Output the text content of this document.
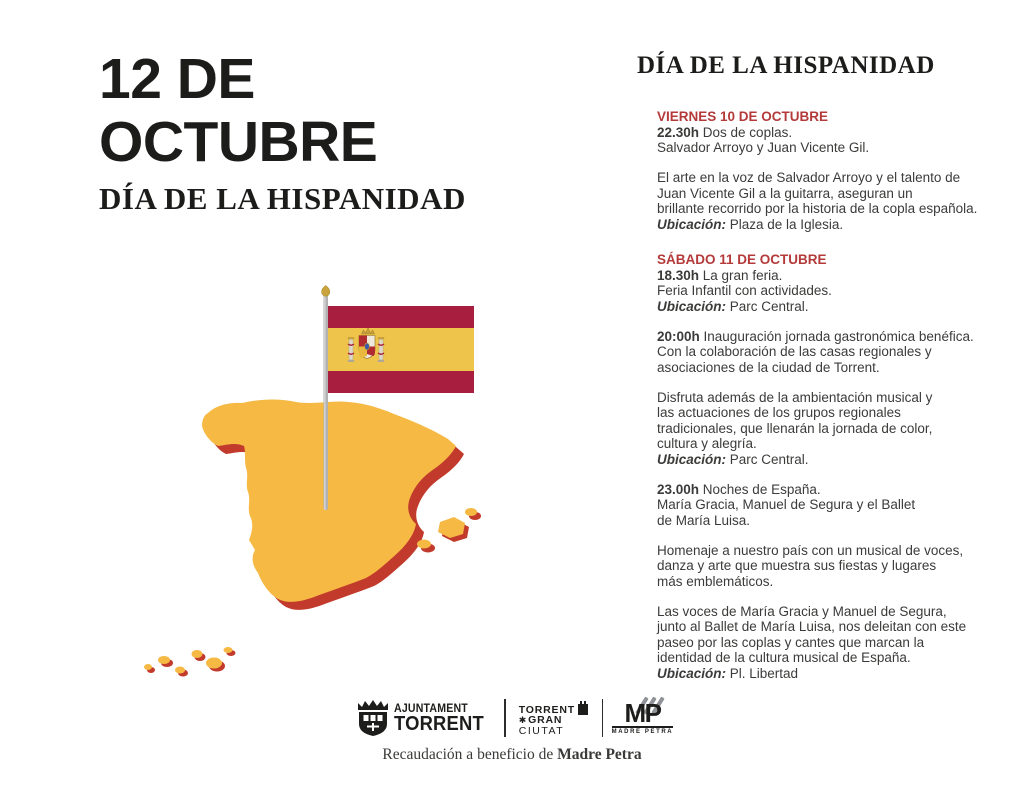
12 DE
OCTUBRE
DÍA DE LA HISPANIDAD
DÍA DE LA HISPANIDAD
VIERNES 10 DE OCTUBRE
22.30h Dos de coplas.
Salvador Arroyo y Juan Vicente Gil.
El arte en la voz de Salvador Arroyo y el talento de
Juan Vicente Gil a la guitarra, aseguran un
brillante recorrido por la historia de la copla española.
Ubicación: Plaza de la Iglesia.
SÁBADO 11 DE OCTUBRE
18.30h La gran feria.
Feria Infantil con actividades.
Ubicación: Parc Central.
20:00h Inauguración jornada gastronómica benéfica.
Con la colaboración de las casas regionales y
asociaciones de la ciudad de Torrent.
Disfruta además de la ambientación musical y
las actuaciones de los grupos regionales
tradicionales, que llenarán la jornada de color,
cultura y alegría.
Ubicación: Parc Central.
23.00h Noches de España.
María Gracia, Manuel de Segura y el Ballet
de María Luisa.
Homenaje a nuestro país con un musical de voces,
danza y arte que muestra sus fiestas y lugares
más emblemáticos.
Las voces de María Gracia y Manuel de Segura,
junto al Ballet de María Luisa, nos deleitan con este
paseo por las coplas y cantes que marcan la
identidad de la cultura musical de España.
Ubicación: Pl. Libertad
AJUNTAMENT
TORRENT
TORRENT
✱ GRAN
CIUTAT
MP
MADRE PETRA
Recaudación a beneficio de Madre Petra
